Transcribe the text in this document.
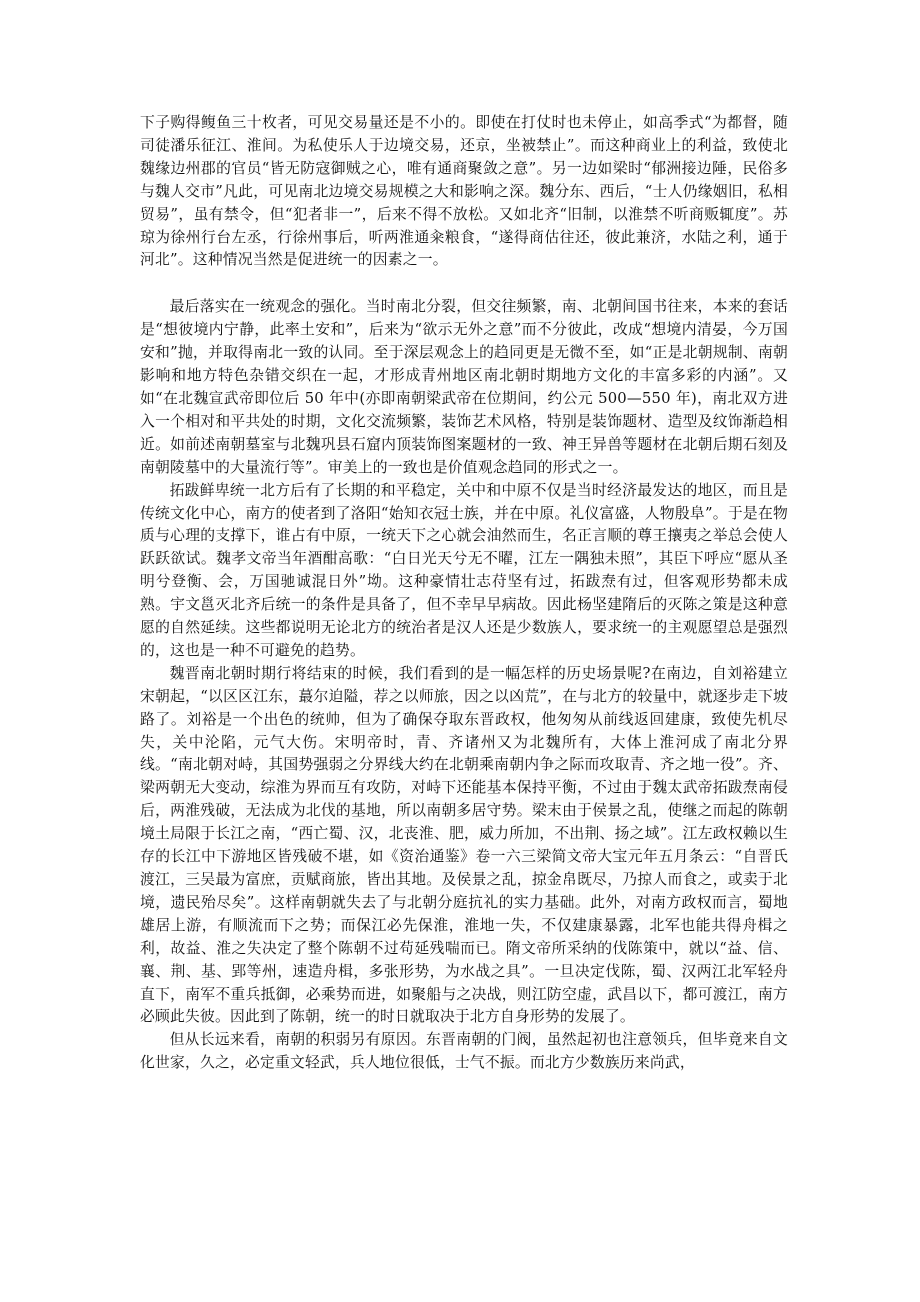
下子购得鳆鱼三十枚者，可见交易量还是不小的。即使在打仗时也未停止，如高季式“为都督，随司徒潘乐征江、淮间。为私使乐人于边境交易，还京，坐被禁止”。而这种商业上的利益，致使北魏缘边州郡的官员“皆无防寇御贼之心，唯有通商聚敛之意”。另一边如梁时“郁洲接边陲，民俗多与魏人交市”凡此，可见南北边境交易规模之大和影响之深。魏分东、西后，“士人仍缘姻旧，私相贸易”，虽有禁令，但“犯者非一”，后来不得不放松。又如北齐“旧制，以淮禁不听商贩辄度”。苏琼为徐州行台左丞，行徐州事后，听两淮通籴粮食，“遂得商估往还，彼此兼济，水陆之利，通于河北”。这种情况当然是促进统一的因素之一。

最后落实在一统观念的强化。当时南北分裂，但交往频繁，南、北朝间国书往来，本来的套话是“想彼境内宁静，此率土安和”，后来为“欲示无外之意”而不分彼此，改成“想境内清晏，今万国安和”抛，并取得南北一致的认同。至于深层观念上的趋同更是无微不至，如“正是北朝规制、南朝影响和地方特色杂错交织在一起，才形成青州地区南北朝时期地方文化的丰富多彩的内涵”。又如“在北魏宣武帝即位后 50 年中(亦即南朝梁武帝在位期间，约公元 500—550 年)，南北双方进入一个相对和平共处的时期，文化交流频繁，装饰艺术风格，特别是装饰题材、造型及纹饰渐趋相近。如前述南朝墓室与北魏巩县石窟内顶装饰图案题材的一致、神王异兽等题材在北朝后期石刻及南朝陵墓中的大量流行等”。审美上的一致也是价值观念趋同的形式之一。

拓跋鲜卑统一北方后有了长期的和平稳定，关中和中原不仅是当时经济最发达的地区，而且是传统文化中心，南方的使者到了洛阳“始知衣冠士族，并在中原。礼仪富盛，人物殷阜”。于是在物质与心理的支撑下，谁占有中原，一统天下之心就会油然而生，名正言顺的尊王攘夷之举总会使人跃跃欲试。魏孝文帝当年酒酣高歌：“白日光天兮无不曜，江左一隅独未照”，其臣下呼应“愿从圣明兮登衡、会，万国驰诚混日外”坳。这种豪情壮志苻坚有过，拓跋焘有过，但客观形势都未成熟。宇文邕灭北齐后统一的条件是具备了，但不幸早早病故。因此杨坚建隋后的灭陈之策是这种意愿的自然延续。这些都说明无论北方的统治者是汉人还是少数族人，要求统一的主观愿望总是强烈的，这也是一种不可避免的趋势。

魏晋南北朝时期行将结束的时候，我们看到的是一幅怎样的历史场景呢?在南边，自刘裕建立宋朝起，“以区区江东，蕞尔迫隘，荐之以师旅，因之以凶荒”，在与北方的较量中，就逐步走下坡路了。刘裕是一个出色的统帅，但为了确保夺取东晋政权，他匆匆从前线返回建康，致使先机尽失，关中沦陷，元气大伤。宋明帝时，青、齐诸州又为北魏所有，大体上淮河成了南北分界线。“南北朝对峙，其国势强弱之分界线大约在北朝乘南朝内争之际而攻取青、齐之地一役”。齐、梁两朝无大变动，综淮为界而互有攻防，对峙下还能基本保持平衡，不过由于魏太武帝拓跋焘南侵后，两淮残破，无法成为北伐的基地，所以南朝多居守势。梁末由于侯景之乱，使继之而起的陈朝境土局限于长江之南，“西亡蜀、汉，北丧淮、肥，威力所加，不出荆、扬之域”。江左政权赖以生存的长江中下游地区皆残破不堪，如《资治通鉴》卷一六三梁简文帝大宝元年五月条云：“自晋氏渡江，三吴最为富庶，贡赋商旅，皆出其地。及侯景之乱，掠金帛既尽，乃掠人而食之，或卖于北境，遗民殆尽矣”。这样南朝就失去了与北朝分庭抗礼的实力基础。此外，对南方政权而言，蜀地雄居上游，有顺流而下之势；而保江必先保淮，淮地一失，不仅建康暴露，北军也能共得舟楫之利，故益、淮之失决定了整个陈朝不过苟延残喘而已。隋文帝所采纳的伐陈策中，就以“益、信、襄、荆、基、郢等州，速造舟楫，多张形势，为水战之具”。一旦决定伐陈，蜀、汉两江北军轻舟直下，南军不重兵抵御，必乘势而进，如聚船与之决战，则江防空虚，武昌以下，都可渡江，南方必顾此失彼。因此到了陈朝，统一的时日就取决于北方自身形势的发展了。

但从长远来看，南朝的积弱另有原因。东晋南朝的门阀，虽然起初也注意领兵，但毕竟来自文化世家，久之，必定重文轻武，兵人地位很低，士气不振。而北方少数族历来尚武，
